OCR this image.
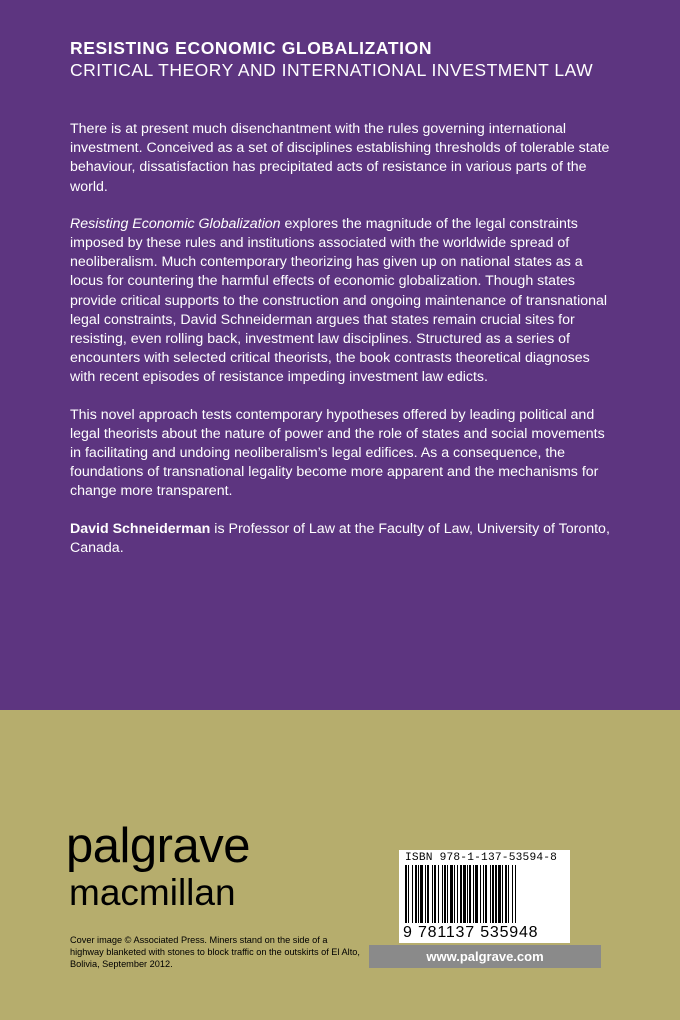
RESISTING ECONOMIC GLOBALIZATION
CRITICAL THEORY AND INTERNATIONAL INVESTMENT LAW

There is at present much disenchantment with the rules governing international investment. Conceived as a set of disciplines establishing thresholds of tolerable state behaviour, dissatisfaction has precipitated acts of resistance in various parts of the world.

Resisting Economic Globalization explores the magnitude of the legal constraints imposed by these rules and institutions associated with the worldwide spread of neoliberalism. Much contemporary theorizing has given up on national states as a locus for countering the harmful effects of economic globalization. Though states provide critical supports to the construction and ongoing maintenance of transnational legal constraints, David Schneiderman argues that states remain crucial sites for resisting, even rolling back, investment law disciplines. Structured as a series of encounters with selected critical theorists, the book contrasts theoretical diagnoses with recent episodes of resistance impeding investment law edicts.

This novel approach tests contemporary hypotheses offered by leading political and legal theorists about the nature of power and the role of states and social movements in facilitating and undoing neoliberalism’s legal edifices. As a consequence, the foundations of transnational legality become more apparent and the mechanisms for change more transparent.

David Schneiderman is Professor of Law at the Faculty of Law, University of Toronto, Canada.

palgrave
macmillan
Cover image © Associated Press. Miners stand on the side of a highway blanketed with stones to block traffic on the outskirts of El Alto, Bolivia, September 2012.
ISBN 978-1-137-53594-8
9 781137 535948
www.palgrave.com
